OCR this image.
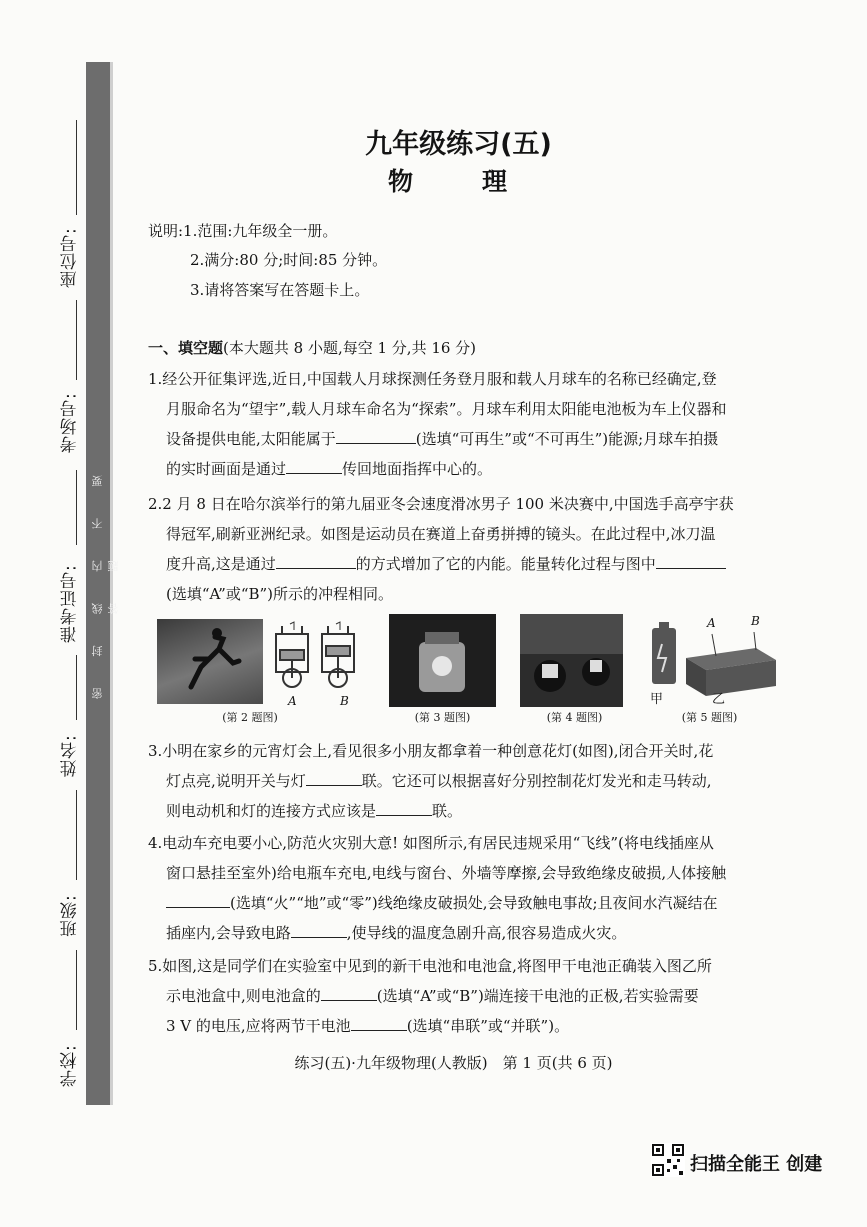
密 封 线 内 不 要 答 题
座位号:
考场号:
准考证号:
姓名:
班级:
学校:
九年级练习(五)
物　理
说明:1.范围:九年级全一册。
2.满分:80 分;时间:85 分钟。
3.请将答案写在答题卡上。
一、填空题(本大题共 8 小题,每空 1 分,共 16 分)
1.经公开征集评选,近日,中国载人月球探测任务登月服和载人月球车的名称已经确定,登

月服命名为“望宇”,载人月球车命名为“探索”。月球车利用太阳能电池板为车上仪器和
设备提供电能,太阳能属于	(选填“可再生”或“不可再生”)能源;月球车拍摄
的实时画面是通过	传回地面指挥中心的。
2.2 月 8 日在哈尔滨举行的第九届亚冬会速度滑冰男子 100 米决赛中,中国选手高亭宇获

得冠军,刷新亚洲纪录。如图是运动员在赛道上奋勇拼搏的镜头。在此过程中,冰刀温
度升高,这是通过	的方式增加了它的内能。能量转化过程与图中
(选填“A”或“B”)所示的冲程相同。
A	B
A	B
甲	乙
(第 2 题图)	(第 3 题图)	(第 4 题图)	(第 5 题图)
3.小明在家乡的元宵灯会上,看见很多小朋友都拿着一种创意花灯(如图),闭合开关时,花

灯点亮,说明开关与灯	联。它还可以根据喜好分别控制花灯发光和走马转动,
则电动机和灯的连接方式应该是	联。
4.电动车充电要小心,防范火灾别大意! 如图所示,有居民违规采用“飞线”(将电线插座从

窗口悬挂至室外)给电瓶车充电,电线与窗台、外墙等摩擦,会导致绝缘皮破损,人体接触
(选填“火”“地”或“零”)线绝缘皮破损处,会导致触电事故;且夜间水汽凝结在
插座内,会导致电路	,使导线的温度急剧升高,很容易造成火灾。
5.如图,这是同学们在实验室中见到的新干电池和电池盒,将图甲干电池正确装入图乙所

示电池盒中,则电池盒的	(选填“A”或“B”)端连接干电池的正极,若实验需要
3 V 的电压,应将两节干电池	(选填“串联”或“并联”)。
练习(五)·九年级物理(人教版)　第 1 页(共 6 页)
扫描全能王 创建
